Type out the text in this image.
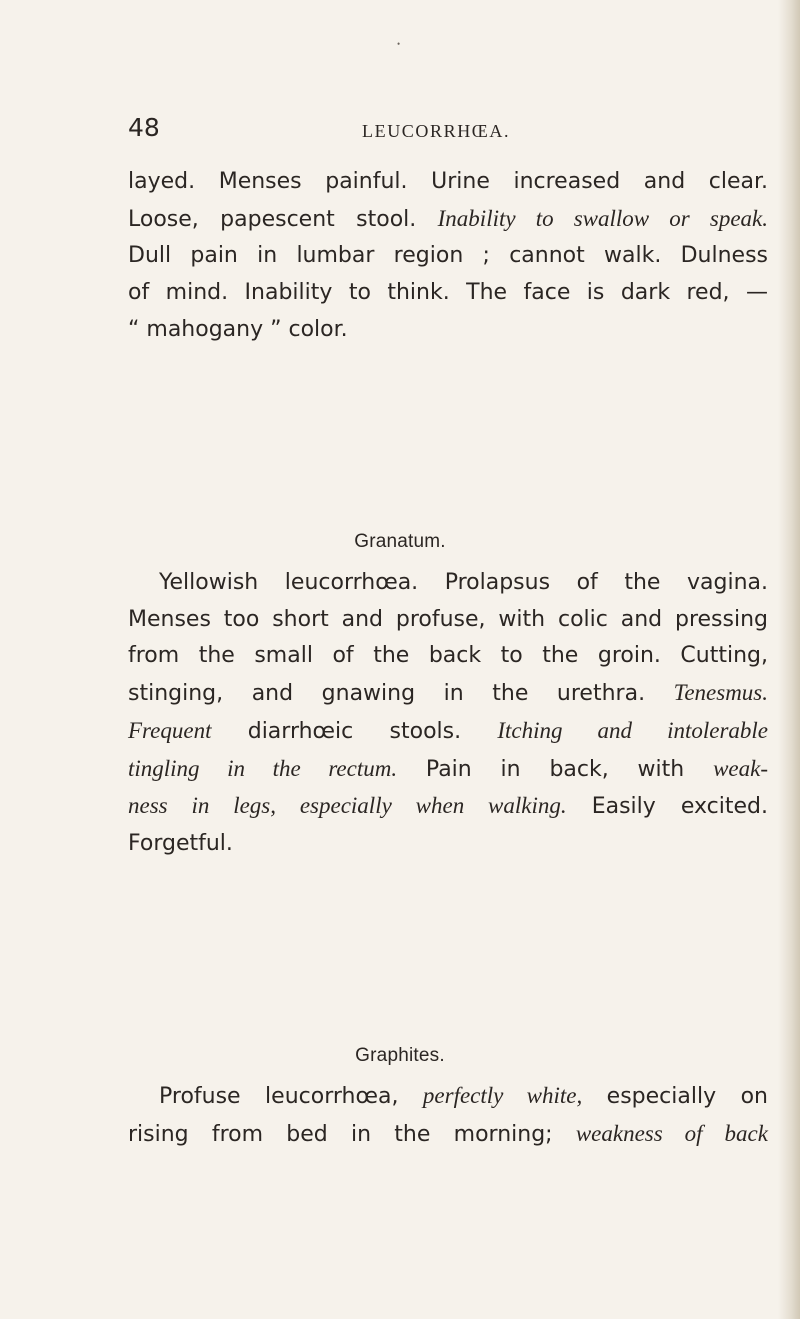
•
48	LEUCORRHŒA.
layed. Menses painful. Urine increased and clear.
Loose, papescent stool. Inability to swallow or speak.
Dull pain in lumbar region ; cannot walk. Dulness
of mind. Inability to think. The face is dark red, —
“ mahogany ” color.
Granatum.
Yellowish leucorrhœa. Prolapsus of the vagina.
Menses too short and profuse, with colic and pressing
from the small of the back to the groin. Cutting,
stinging, and gnawing in the urethra. Tenesmus.
Frequent diarrhœic stools. Itching and intolerable
tingling in the rectum. Pain in back, with weak-
ness in legs, especially when walking. Easily excited.
Forgetful.
Graphites.
Profuse leucorrhœa, perfectly white, especially on
rising from bed in the morning; weakness of back
